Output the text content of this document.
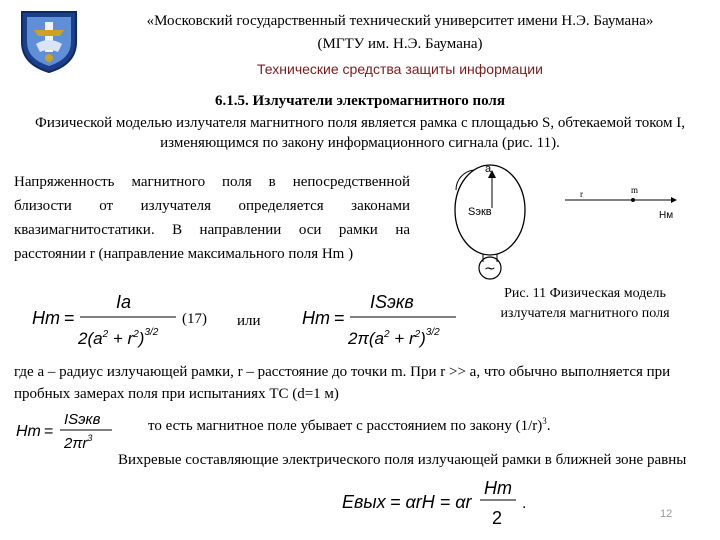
«Московский государственный технический университет имени Н.Э. Баумана»
(МГТУ им. Н.Э. Баумана)
Технические средства защиты информации
6.1.5. Излучатели электромагнитного поля
Физической моделью излучателя магнитного поля является рамка с площадью S, обтекаемой током I, изменяющимся по закону информационного сигнала (рис. 11).
Напряженность магнитного поля в непосредственной близости от излучателя определяется законами квазимагнитостатики. В направлении оси рамки на расстоянии r (направление максимального поля Hm )
a
Sэкв
~
r	m
Hм
Рис. 11 Физическая модель излучателя магнитного поля
Hm =
Ia
$2(a^2 + r^2)^{3/2}$
(17) или Hm =
ISэкв
$2\pi(a^2 + r^2)^{3/2}$
где а – радиус излучающей рамки, r – расстояние до точки m. При r >> а, что обычно выполняется при пробных замерах поля при испытаниях ТС (d=1 м)
Hm =
ISэкв
$2\pi r^3$
то есть магнитное поле убывает с расстоянием по закону $(1/r)^3$.
Вихревые составляющие электрического поля излучающей рамки в ближней зоне равны
Eвых = αrH = αr
Hm
2
.
12
